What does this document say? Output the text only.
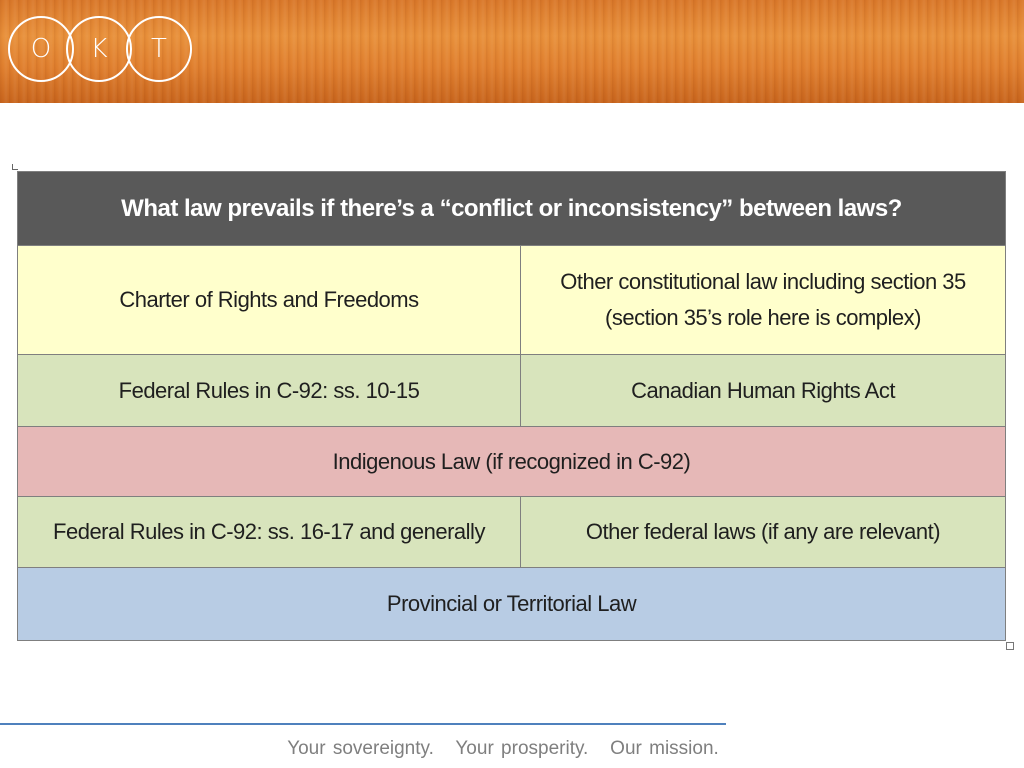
O	K	T
What law prevails if there’s a “conflict or inconsistency” between laws?	
Charter of Rights and Freedoms	Other constitutional law including section 35
(section 35’s role here is complex)

Federal Rules in C-92: ss. 10-15	Canadian Human Rights Act
Indigenous Law (if recognized in C-92)	
Federal Rules in C-92: ss. 16-17 and generally	Other federal laws (if any are relevant)
Provincial or Territorial Law	
Your sovereignty.   Your prosperity.   Our mission.
